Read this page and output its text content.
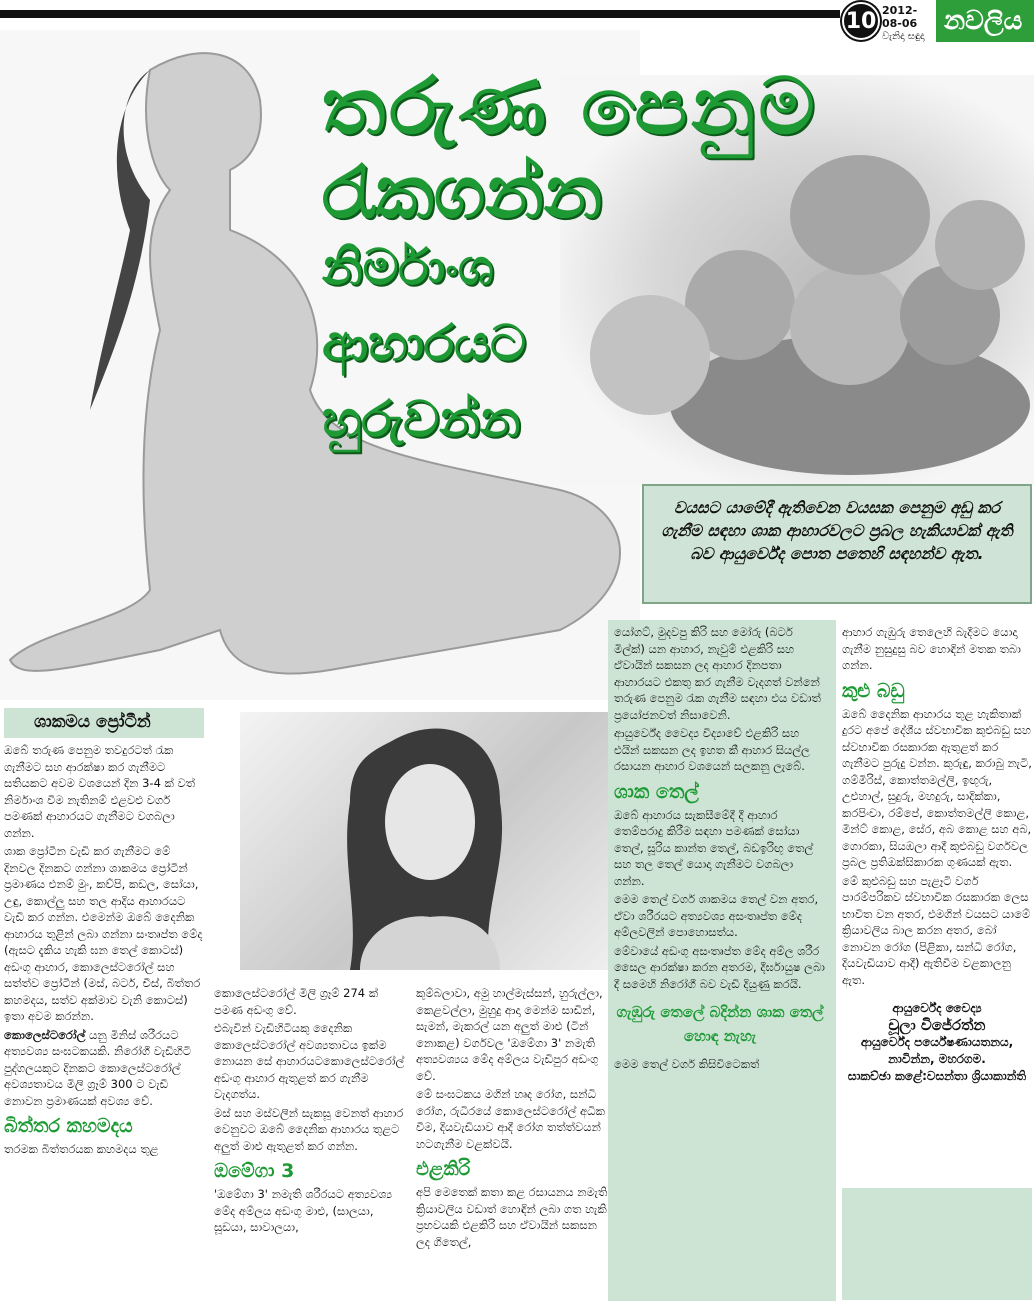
10 2012-08-06
වැනිදා සඳුදා
නවලිය
තරුණ පෙනුම
රැකගන්න
නිර්මාංශ
ආහාරයට
හුරුවන්න
වයසට යාමේදී ඇතිවෙන වයසක පෙනුම අඩු කර ගැනීම සඳහා ශාක ආහාරවලට ප්‍රබල හැකියාවක් ඇති බව ආයුර්වේද පොත පතෙහි සඳහන්ව ඇත.
ශාකමය ප්‍රෝටීන්

ඔබේ තරුණ පෙනුම තවදුරටත් රැක ගැනීමට සහ ආරක්ෂා කර ගැනීමට සතියකට අවම වශයෙන් දින 3-4 ක් වත් නිර්මාංශ වීම නැතිනම් එළවළු වර්ග පමණක් ආහාරයට ගැනීමට වගබලා ගන්න.

ශාක ප්‍රෝටීන වැඩි කර ගැනීමට මේ දිනවල දිනකට ගන්නා ශාකමය ප්‍රෝටීන් ප්‍රමාණය එනම් මුං, කව්පි, කඩල, සෝයා, උඳු, කොල්ලු සහ තල ආදිය ආහාරයට වැඩි කර ගන්න. එමෙන්ම ඔබේ දෛනික ආහාරය තුළින් ලබා ගන්නා සංතෘප්ත මේද (ඇසට දැකිය හැකි ඝන තෙල් කොටස්) අඩංගු ආහාර, කොලෙස්ටරෝල් සහ සත්ත්ව ප්‍රෝටීන් (මස්, බටර්, චීස්, බිත්තර කහමදය, සත්ව අක්මාව වැනි කොටස්) ඉතා අවම කරන්න.

කොලෙස්ටරෝල් යනු මිනිස් ශරීරයට අත්‍යවශ්‍ය සංඝටකයකි. නිරෝගී වැඩිහිටි පුද්ගලයකුට දිනකට කොලෙස්ටරෝල් අවශ්‍යතාවය මිලි ග්‍රෑම් 300 ට වැඩි නොවන ප්‍රමාණයක් අවශ්‍ය වේ.

බිත්තර කහමදය

තරමක බිත්තරයක කහමදය තුළ

කොලෙස්ටරෝල් මිලි ග්‍රෑම් 274 ක් පමණ අඩංගු වේ.

එබැවින් වැඩිහිටියකු දෛනික කොලෙස්ටරෝල් අවශ්‍යතාවය ඉක්ම නොයන සේ ආහාරයටකොලෙස්ටරෝල් අඩංගු ආහාර ඇතුළත් කර ගැනීම වැදගත්ය.

මස් සහ මස්වලින් සැකසූ වෙනත් ආහාර වෙනුවට ඔබේ දෛනික ආහාරය තුළට අලුත් මාළු ඇතුළත් කර ගන්න.

ඔමේගා 3

'ඔමේගා 3' නමැති ශරීරයට අත්‍යවශ්‍ය මේද අම්ලය අඩංගු මාළු, (සාලයා, සූඩයා, සාවාලයා,

කුම්බලාවා, අමු හාල්මැස්සන්, හුරුල්ලා, කෙළවල්ලා, මුහුදු ආදා මෙන්ම සාඩින්, සැමන්, මැකරල් යන අලුත් මාළු (ටින් නොකළ) වර්ගවල 'ඔමේගා 3' නමැති අත්‍යවශ්‍යය මේද අම්ලය වැඩිපුර අඩංගු වේ.

මේ සංඝටකය මගින් හෘද රෝග, සන්ධි රෝග, රුධිරයේ කොලෙස්ටරෝල් අධික වීම, දියවැඩියාව ආදී රෝග තත්ත්වයන් හටගැනීම වළක්වයි.

එළකිරි

අපි මෙතෙක් කතා කළ රසායනය නමැති ක්‍රියාවලිය වඩාත් හොඳින් ලබා ගත හැකි ප්‍රභවයකි එළකිරි සහ ඒවායින් සකසන ලද ගිතෙල්,

යෝගට්, මුදවපු කිරි සහ මෝරු (බටර් මිල්ක්) යන ආහාර, නැවුම් එළකිරි සහ ඒවායින් සකසන ලද ආහාර දිනපතා ආහාරයට එකතු කර ගැනීම වැදගත් වන්නේ තරුණ පෙනුම රැක ගැනීම සඳහා එය වඩාත් ප්‍රයෝජනවත් නිසාවෙනි.

ආයුර්වේද වෛද්‍ය විද්‍යාවේ එළකිරි සහ එයින් සකසන ලද ඉහත කී ආහාර සියල්ල රසායන ආහාර වශයෙන් සලකනු ලැබේ.

ශාක තෙල්

ඔබේ ආහාරය සැකසීමේදී දී ආහාර තෙම්පරාදු කිරීම සඳහා පමණක් සෝයා තෙල්, සූරිය කාන්ත තෙල්, බඩඉරිඟු තෙල් සහ තල තෙල් යොදා ගැනීමට වගබලා ගන්න.

මෙම තෙල් වර්ග ශාකමය තෙල් වන අතර, ඒවා ශරීරයට අත්‍යවශ්‍ය අසංතෘප්ත මේද අම්ලවලින් පොහොසත්ය.

මේවායේ අඩංගු අසංතෘප්ත මේද අම්ල ශරීර සෛල ආරක්ෂා කරන අතරම, දීර්ඝායුෂ ලබා දී සමෙහි නිරෝගී බව වැඩි දියුණු කරයි.

ගැඹුරු තෙලේ බදින්න ශාක තෙල් හොඳ නැහැ

මෙම තෙල් වර්ග කිසිවිටෙකත්

ආහාර ගැඹුරු තෙලෙහි බැදීමට යොදා ගැනීම නුසුදුසු බව හොඳින් මතක තබා ගන්න.

කුළු බඩු

ඔබේ දෛනික ආහාරය තුළ හැකිතාක් දුරට අපේ දේශීය ස්වභාවික කුළුබඩු සහ ස්වභාවික රසකාරක ඇතුළත් කර ගැනීමට පුරුදු වන්න. කුරුඳු, කරාබු නැටි, ගම්මිරිස්, කොත්තමල්ලි, ඉඟුරු, උළුහාල්, සුදුරු, මහදුරු, සාදික්කා, කරපිංචා, රම්පේ, කොත්තමල්ලි කොළ, මින්ට් කොළ, සේර, අබ කොළ සහ අබ, ගොරකා, සියඹලා ආදී කුළුබඩු වර්ගවල ප්‍රබල ප්‍රතිඔක්සිකාරක ගුණයක් ඇත.

මේ කුළුබඩු සහ පැළෑටි වර්ග පාරම්පරිකව ස්වභාවික රසකාරක ලෙස භාවිත වන අතර, එමගින් වයසට යාමේ ක්‍රියාවලිය බාල කරන අතර, බෝ නොවන රෝග (පිළිකා, සන්ධි රෝග, දියවැඩියාව ආදී) ඇතිවීම වළකාලනු ඇත.

ආයුර්වේද වෛද්‍ය
චූලා විජේරත්න
ආයුර්වේද පර්යේෂණායතනය, නාවින්න, මහරගම.
සාකච්ඡා කළේ:වසන්තා ශ්‍රියාකාන්ති
